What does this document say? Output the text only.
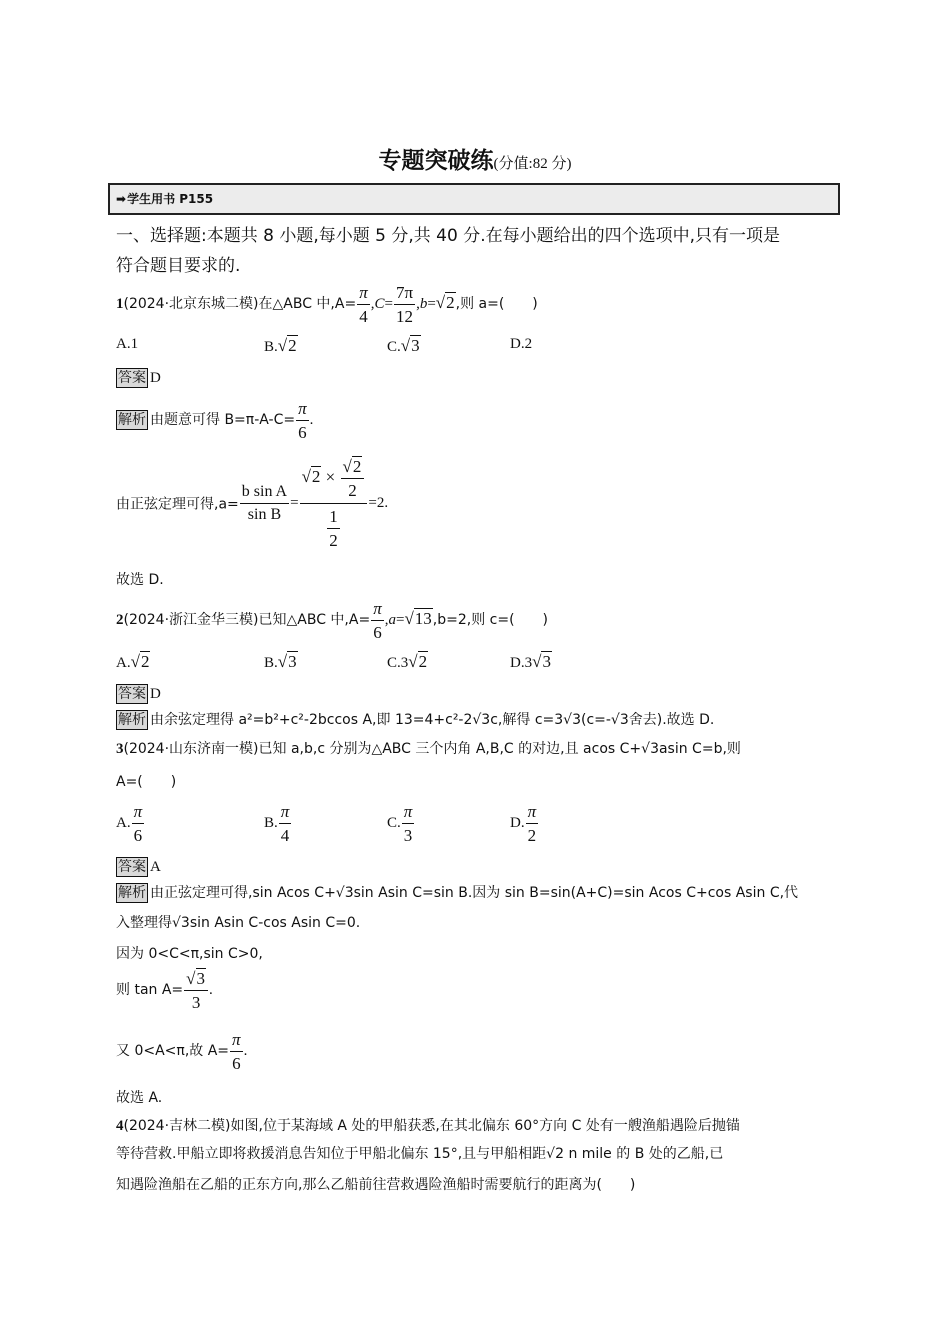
专题突破练(分值:82 分)
➡学生用书 P155
一、选择题:本题共 8 小题,每小题 5 分,共 40 分.在每小题给出的四个选项中,只有一项是
符合题目要求的.
1(2024·北京东城二模)在△ABC 中$,A= \frac{\pi}{4} ,C= \frac{7\pi}{12} ,b=√2$,则 a=(　　)
A.1	B.√2	C.√3	D.2
答案 D
解析 由题意可得 $B=\pi-A-C= \frac{\pi}{6}$ .
由正弦定理可得$,a= \frac{\text{b sin A}}{\text{sin B}} = \frac{√2 \times \frac{√2}{2}}{\frac{1}{2}} =2$.
故选 D.
2(2024·浙江金华三模)已知△ABC 中$,A= \frac{\pi}{6} ,a=√13,b=2$,则 c=(　　)
A.√2	B.√3	C.3√2	D.3√3
答案 D
解析 由余弦定理得 a²=b²+c²-2bccos A,即 13=4+c²-2√3c,解得 c=3√3(c=-√3舍去).故选 D.
3(2024·山东济南一模)已知 a,b,c 分别为△ABC 三个内角 A,B,C 的对边,且 acos C+√3asin C=b,则
A=(　　)
A. $\frac{\pi}{6}$	B. $\frac{\pi}{4}$	C. $\frac{\pi}{3}$	D. $\frac{\pi}{2}$
答案 A
解析 由正弦定理可得,sin Acos C+√3sin Asin C=sin B.因为 sin B=sin(A+C)=sin Acos C+cos Asin C,代
入整理得√3sin Asin C-cos Asin C=0.
因为 0<C<π,sin C>0,
则 $\tan A= \frac{√3}{3}$ .
又 0<A<π,故 $A= \frac{\pi}{6}$ .
故选 A.
4(2024·吉林二模)如图,位于某海域 A 处的甲船获悉,在其北偏东 60°方向 C 处有一艘渔船遇险后抛锚
等待营救.甲船立即将救援消息告知位于甲船北偏东 15°,且与甲船相距√2 n mile 的 B 处的乙船,已
知遇险渔船在乙船的正东方向,那么乙船前往营救遇险渔船时需要航行的距离为(　　)
